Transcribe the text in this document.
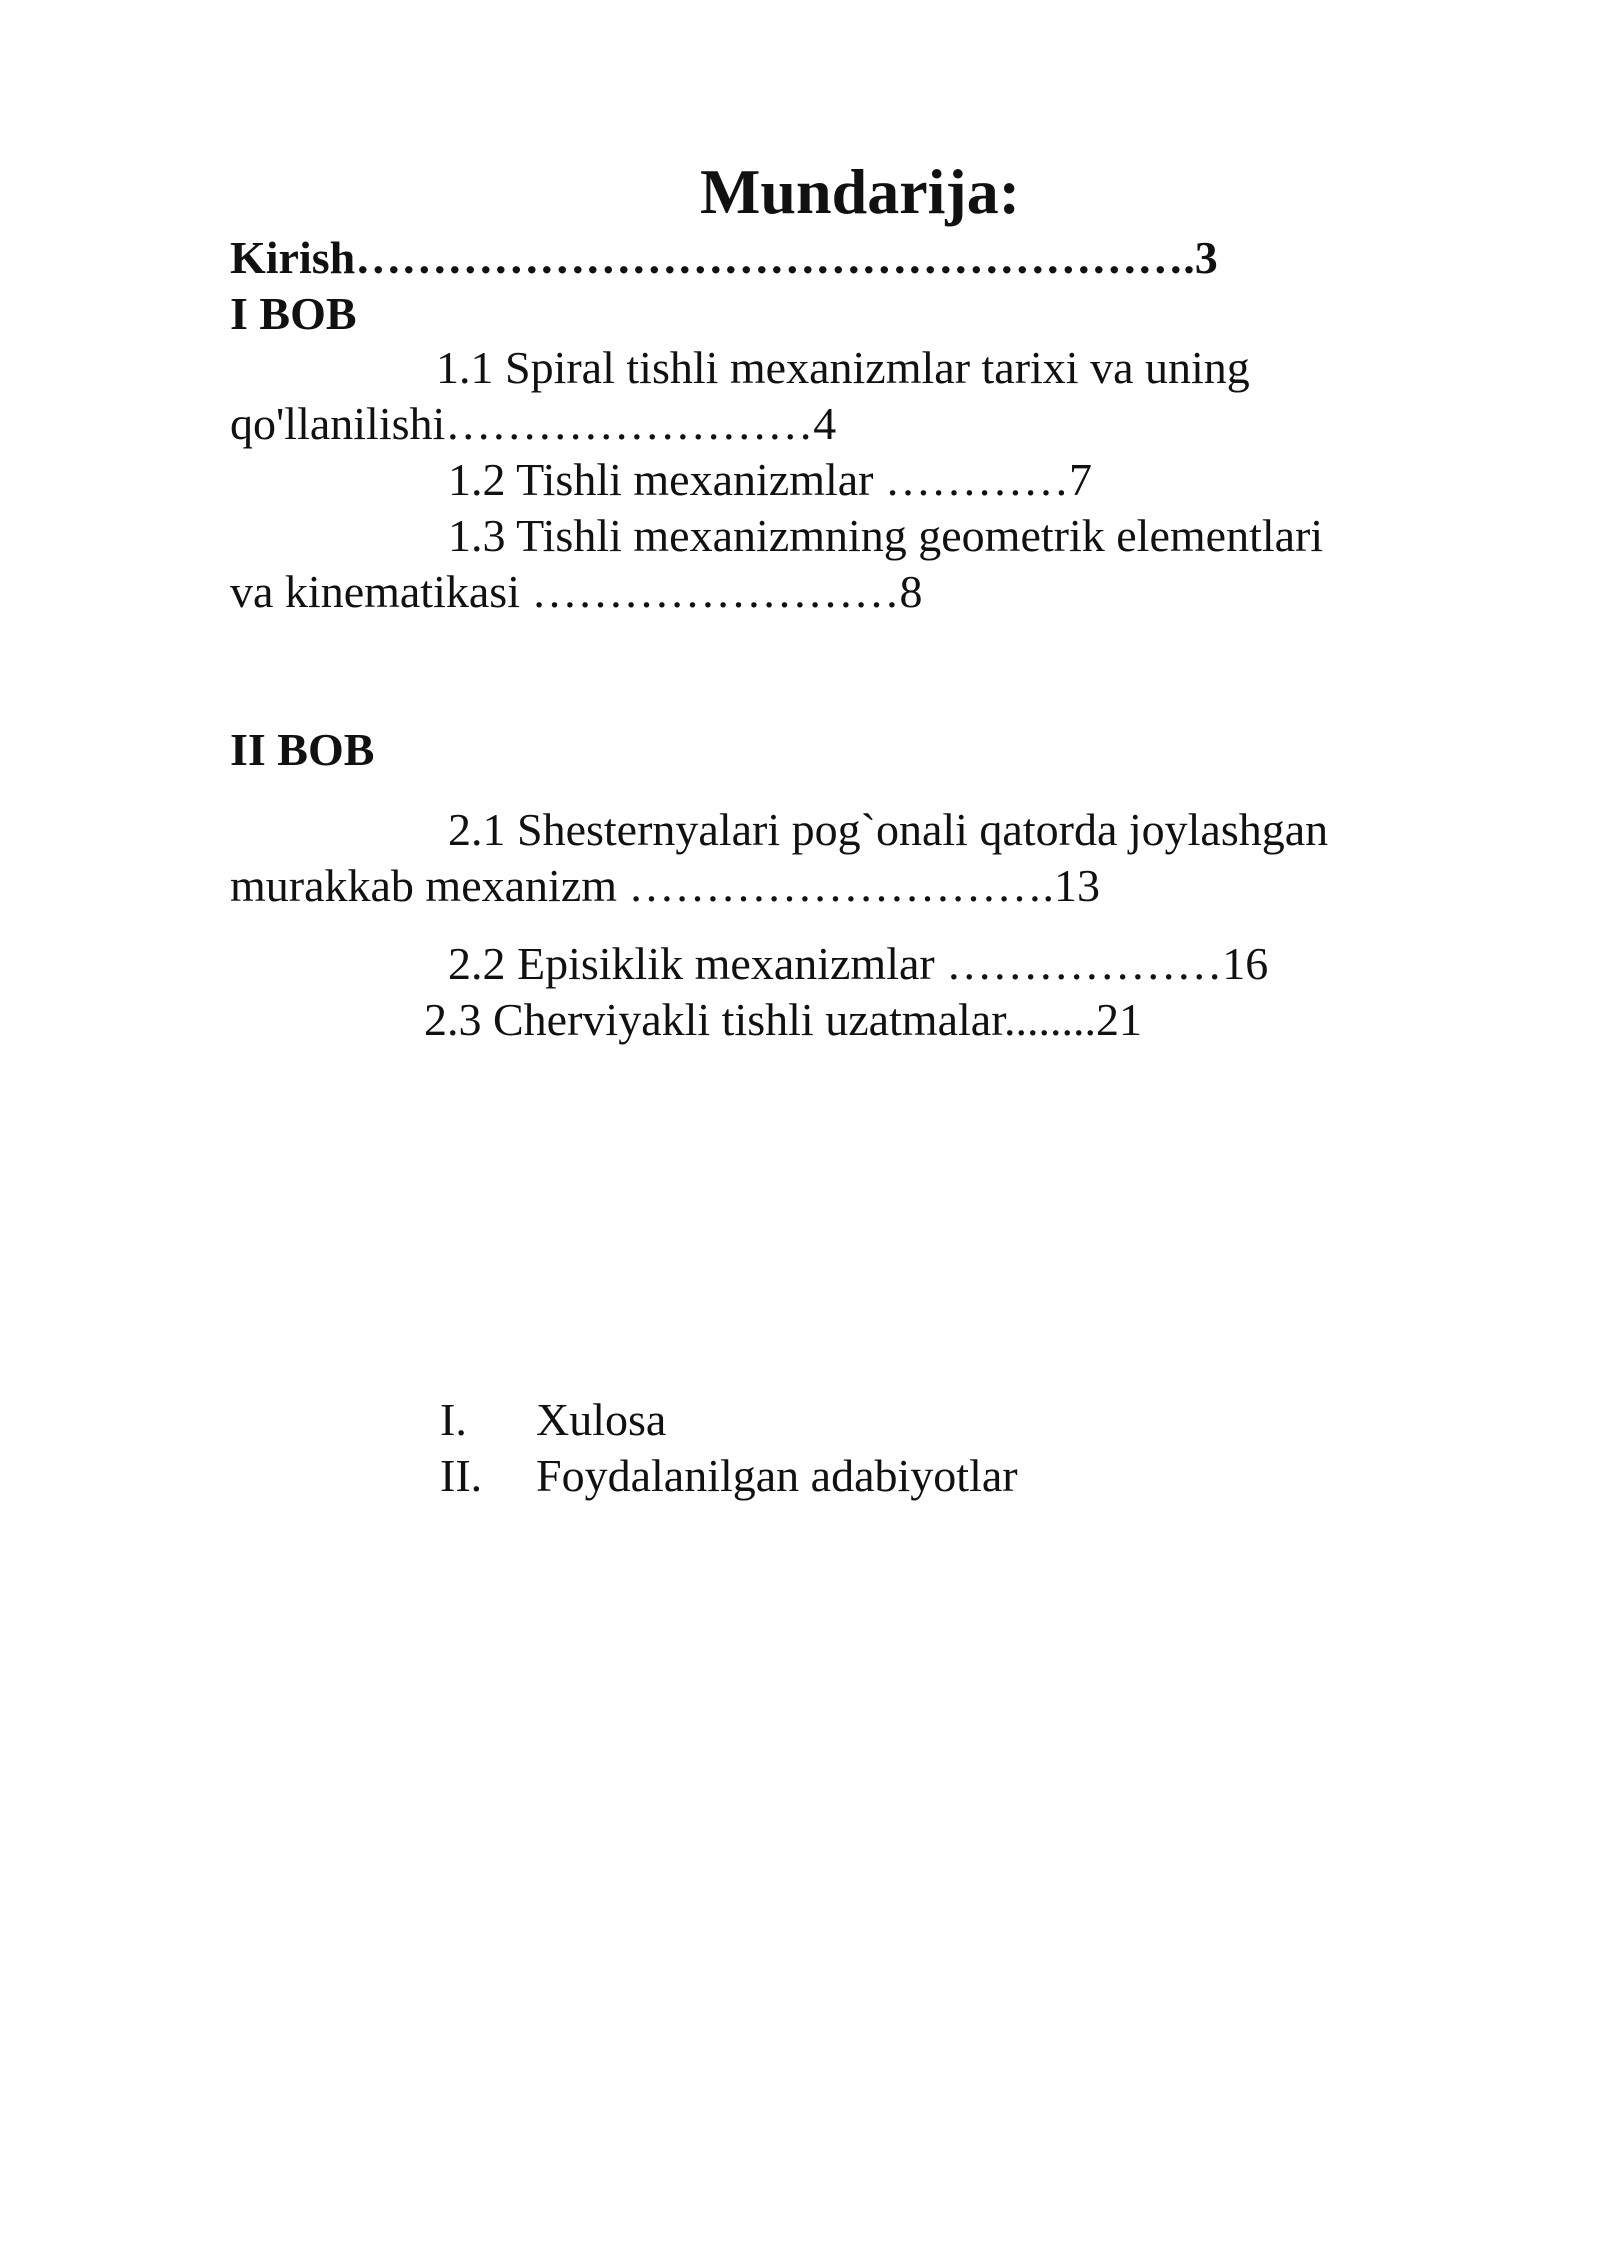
Mundarija:
Kirish……………………………………………….3
I BOB
1.1 Spiral tishli mexanizmlar tarixi va uning
qo'llanilishi……………………4
1.2 Tishli mexanizmlar …………7
1.3 Tishli mexanizmning geometrik elementlari
va kinematikasi ……………………8
II BOB
2.1 Shesternyalari pog`onali qatorda joylashgan
murakkab mexanizm ……………………….13
2.2 Episiklik mexanizmlar ………………16
2.3 Cherviyakli tishli uzatmalar........21
I. Xulosa
II. Foydalanilgan adabiyotlar
